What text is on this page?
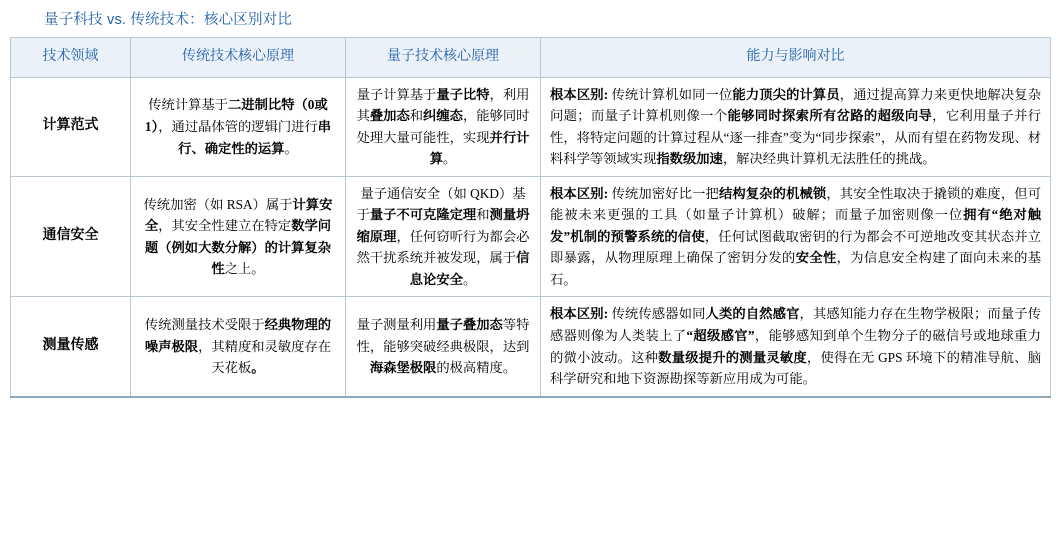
量子科技 vs. 传统技术：核心区别对比
技术领域	传统技术核心原理	量子技术核心原理	能力与影响对比
计算范式	传统计算基于二进制比特（0或1），通过晶体管的逻辑门进行串行、确定性的运算。	量子计算基于量子比特，利用其叠加态和纠缠态，能够同时处理大量可能性，实现并行计算。	根本区别: 传统计算机如同一位能力顶尖的计算员，通过提高算力来更快地解决复杂问题；而量子计算机则像一个能够同时探索所有岔路的超级向导，它利用量子并行性，将特定问题的计算过程从“逐一排查”变为“同步探索”，从而有望在药物发现、材料科学等领域实现指数级加速，解决经典计算机无法胜任的挑战。
通信安全	传统加密（如 RSA）属于计算安全，其安全性建立在特定数学问题（例如大数分解）的计算复杂性之上。	量子通信安全（如 QKD）基于量子不可克隆定理和测量坍缩原理，任何窃听行为都会必然干扰系统并被发现，属于信息论安全。	根本区别: 传统加密好比一把结构复杂的机械锁，其安全性取决于撬锁的难度，但可能被未来更强的工具（如量子计算机）破解；而量子加密则像一位拥有“绝对触发”机制的预警系统的信使，任何试图截取密钥的行为都会不可逆地改变其状态并立即暴露，从物理原理上确保了密钥分发的安全性，为信息安全构建了面向未来的基石。
测量传感	传统测量技术受限于经典物理的噪声极限，其精度和灵敏度存在天花板。	量子测量利用量子叠加态等特性，能够突破经典极限，达到海森堡极限的极高精度。	根本区别: 传统传感器如同人类的自然感官，其感知能力存在生物学极限；而量子传感器则像为人类装上了“超级感官”，能够感知到单个生物分子的磁信号或地球重力的微小波动。这种数量级提升的测量灵敏度，使得在无 GPS 环境下的精准导航、脑科学研究和地下资源勘探等新应用成为可能。
